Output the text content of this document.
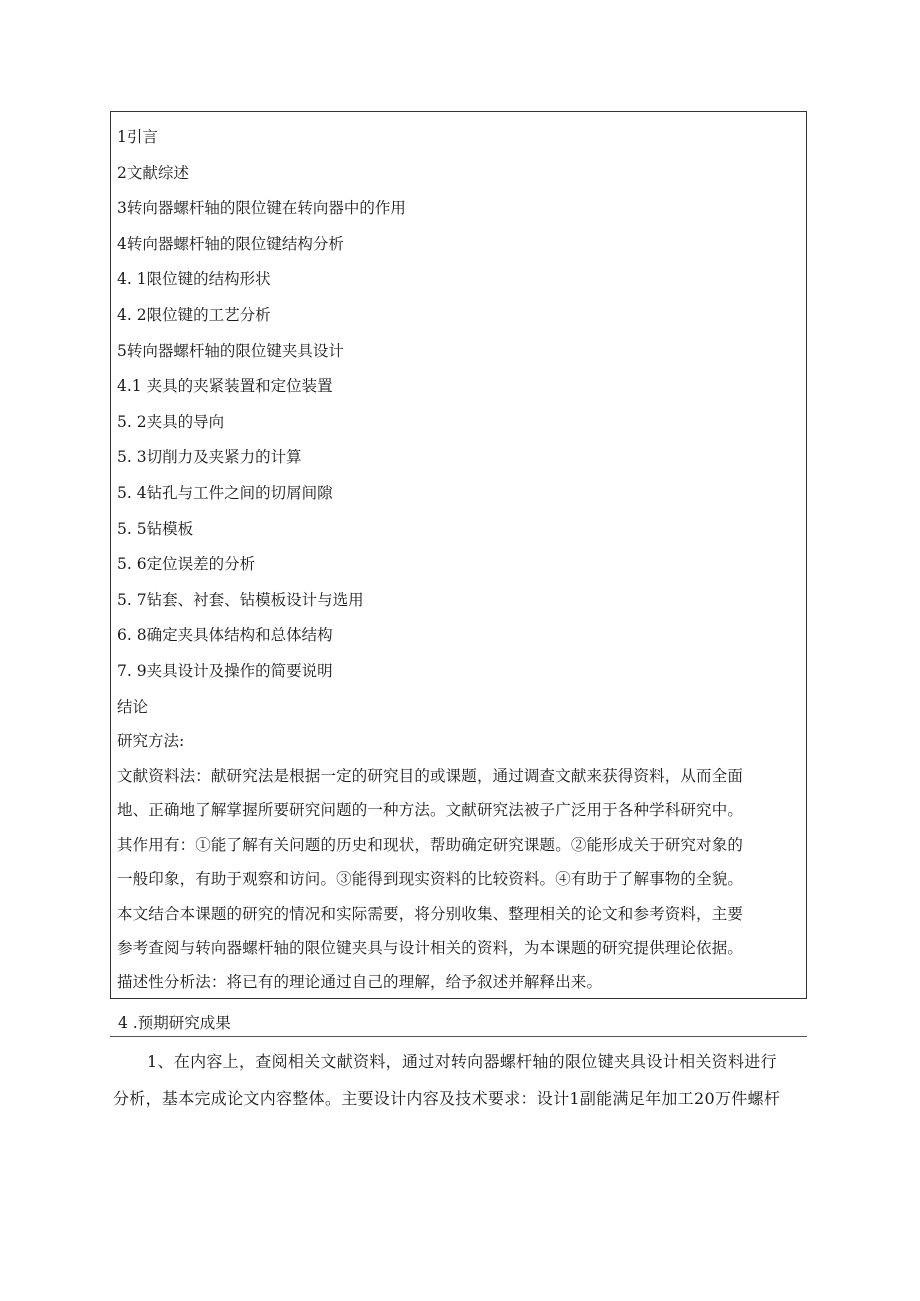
1引言
2文献综述
3转向器螺杆轴的限位键在转向器中的作用
4转向器螺杆轴的限位键结构分析
4. 1限位键的结构形状
4. 2限位键的工艺分析
5转向器螺杆轴的限位键夹具设计
4.1 夹具的夹紧装置和定位装置
5. 2夹具的导向
5. 3切削力及夹紧力的计算
5. 4钻孔与工件之间的切屑间隙
5. 5钻模板
5. 6定位误差的分析
5. 7钻套、衬套、钻模板设计与选用
6. 8确定夹具体结构和总体结构
7. 9夹具设计及操作的简要说明
结论
研究方法:
文献资料法：献研究法是根据一定的研究目的或课题，通过调查文献来获得资料，从而全面
地、正确地了解掌握所要研究问题的一种方法。文献研究法被子广泛用于各种学科研究中。
其作用有：①能了解有关问题的历史和现状，帮助确定研究课题。②能形成关于研究对象的
一般印象，有助于观察和访问。③能得到现实资料的比较资料。④有助于了解事物的全貌。
本文结合本课题的研究的情况和实际需要，将分别收集、整理相关的论文和参考资料，主要
参考查阅与转向器螺杆轴的限位键夹具与设计相关的资料，为本课题的研究提供理论依据。
描述性分析法：将已有的理论通过自己的理解，给予叙述并解释出来。
4 .预期研究成果
1、在内容上，查阅相关文献资料，通过对转向器螺杆轴的限位键夹具设计相关资料进行
分析，基本完成论文内容整体。主要设计内容及技术要求：设计1副能满足年加工20万件螺杆
